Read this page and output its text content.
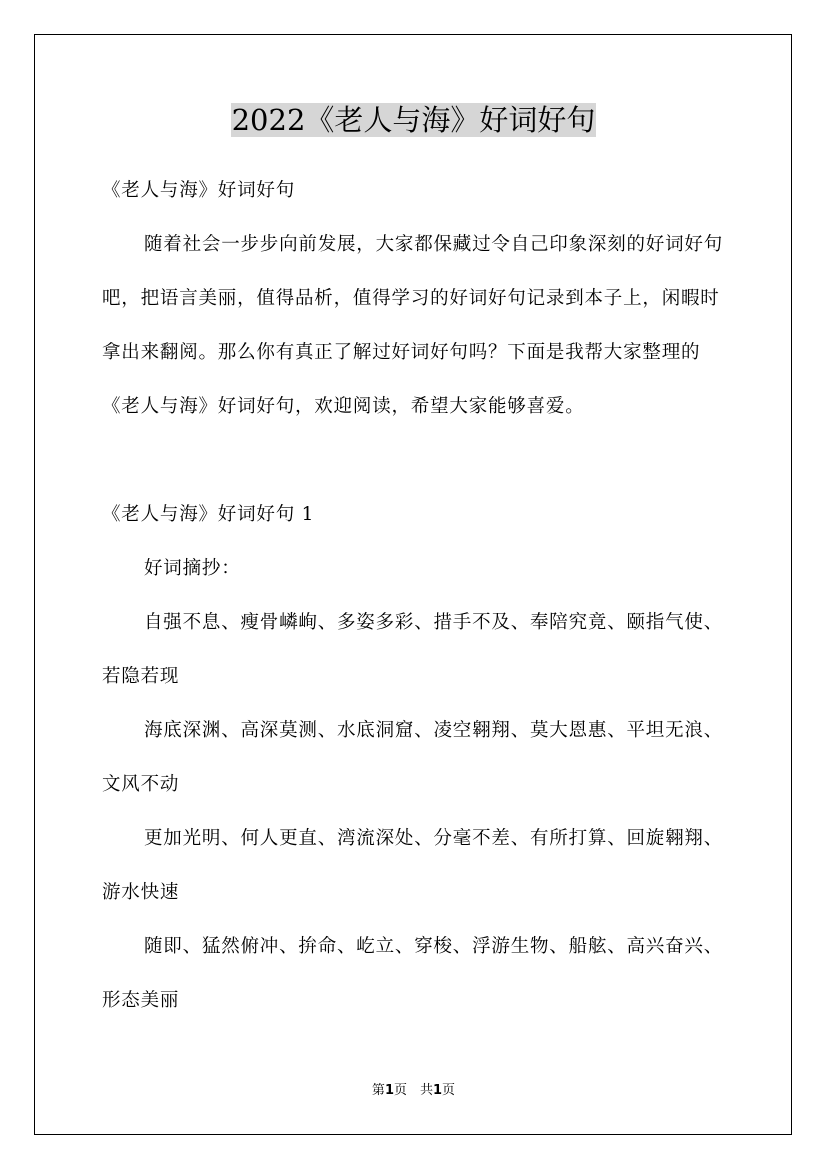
2022《老人与海》好词好句

《老人与海》好词好句

随着社会一步步向前发展，大家都保藏过令自己印象深刻的好词好句吧，把语言美丽，值得品析，值得学习的好词好句记录到本子上，闲暇时拿出来翻阅。那么你有真正了解过好词好句吗？下面是我帮大家整理的《老人与海》好词好句，欢迎阅读，希望大家能够喜爱。

《老人与海》好词好句 1

好词摘抄：

自强不息、瘦骨嶙峋、多姿多彩、措手不及、奉陪究竟、颐指气使、若隐若现

海底深渊、高深莫测、水底洞窟、凌空翱翔、莫大恩惠、平坦无浪、文风不动

更加光明、何人更直、湾流深处、分毫不差、有所打算、回旋翱翔、游水快速

随即、猛然俯冲、拚命、屹立、穿梭、浮游生物、船舷、高兴奋兴、形态美丽

第1页　共1页
